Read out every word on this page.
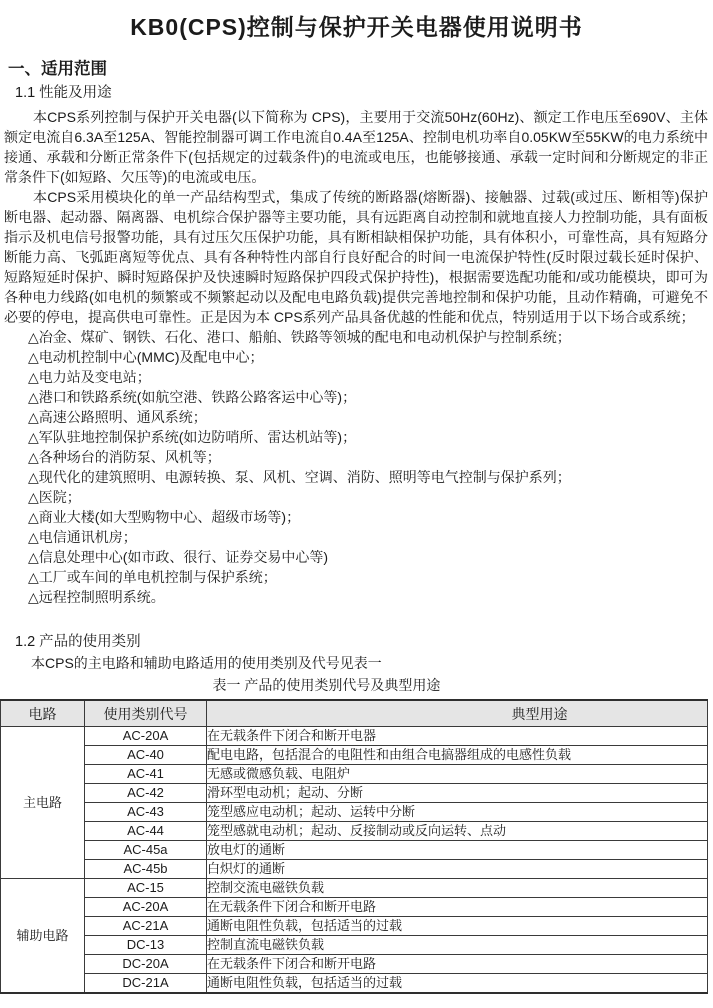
KB0(CPS)控制与保护开关电器使用说明书
一、适用范围
1.1 性能及用途

本CPS系列控制与保护开关电器(以下简称为 CPS)，主要用于交流50Hz(60Hz)、额定工作电压至690V、主体额定电流自6.3A至125A、智能控制器可调工作电流自0.4A至125A、控制电机功率自0.05KW至55KW的电力系统中接通、承载和分断正常条件下(包括规定的过载条件)的电流或电压，也能够接通、承载一定时间和分断规定的非正常条件下(如短路、欠压等)的电流或电压。

本CPS采用模块化的单一产品结构型式，集成了传统的断路器(熔断器)、接触器、过载(或过压、断相等)保护断电器、起动器、隔离器、电机综合保护器等主要功能，具有远距离自动控制和就地直接人力控制功能，具有面板指示及机电信号报警功能，具有过压欠压保护功能，具有断相缺相保护功能，具有体积小，可靠性高，具有短路分断能力高、飞弧距离短等优点、具有各种特性内部自行良好配合的时间一电流保护特性(反时限过载长延时保护、短路短延时保护、瞬时短路保护及快速瞬时短路保护四段式保护持性)，根据需要选配功能和/或功能模块，即可为各种电力线路(如电机的频繁或不频繁起动以及配电电路负载)提供完善地控制和保护功能，且动作精确，可避免不必要的停电，提高供电可靠性。正是因为本 CPS系列产品具备优越的性能和优点，特别适用于以下场合或系统；

△冶金、煤矿、钢铁、石化、港口、船舶、铁路等领城的配电和电动机保护与控制系统；
△电动机控制中心(MMC)及配电中心；
△电力站及变电站；
△港口和铁路系统(如航空港、铁路公路客运中心等)；
△高速公路照明、通风系统；
△军队驻地控制保护系统(如边防哨所、雷达机站等)；
△各种场台的消防泵、风机等；
△现代化的建筑照明、电源转换、泵、风机、空调、消防、照明等电气控制与保护系列；
△医院；
△商业大楼(如大型购物中心、超级市场等)；
△电信通讯机房；
△信息处理中心(如市政、很行、证券交易中心等)
△工厂或车间的单电机控制与保护系统；
△远程控制照明系统。
1.2 产品的使用类别
本CPS的主电路和辅助电路适用的使用类别及代号见表一
表一 产品的使用类别代号及典型用途
电路	使用类别代号	典型用途
主电路	AC-20A	在无载条件下闭合和断开电器
	AC-40	配电电路，包括混合的电阻性和由组合电搞器组成的电感性负载
	AC-41	无感或微感负载、电阻炉
	AC-42	滑环型电动机；起动、分断
	AC-43	笼型感应电动机；起动、运转中分断
	AC-44	笼型感就电动机；起动、反接制动或反向运转、点动
	AC-45a	放电灯的通断
	AC-45b	白炽灯的通断
辅助电路	AC-15	控制交流电磁铁负载
	AC-20A	在无载条件下闭合和断开电路
	AC-21A	通断电阻性负载，包括适当的过载
	DC-13	控制直流电磁铁负载
	DC-20A	在无载条件下闭合和断开电路
	DC-21A	通断电阻性负载，包括适当的过载
